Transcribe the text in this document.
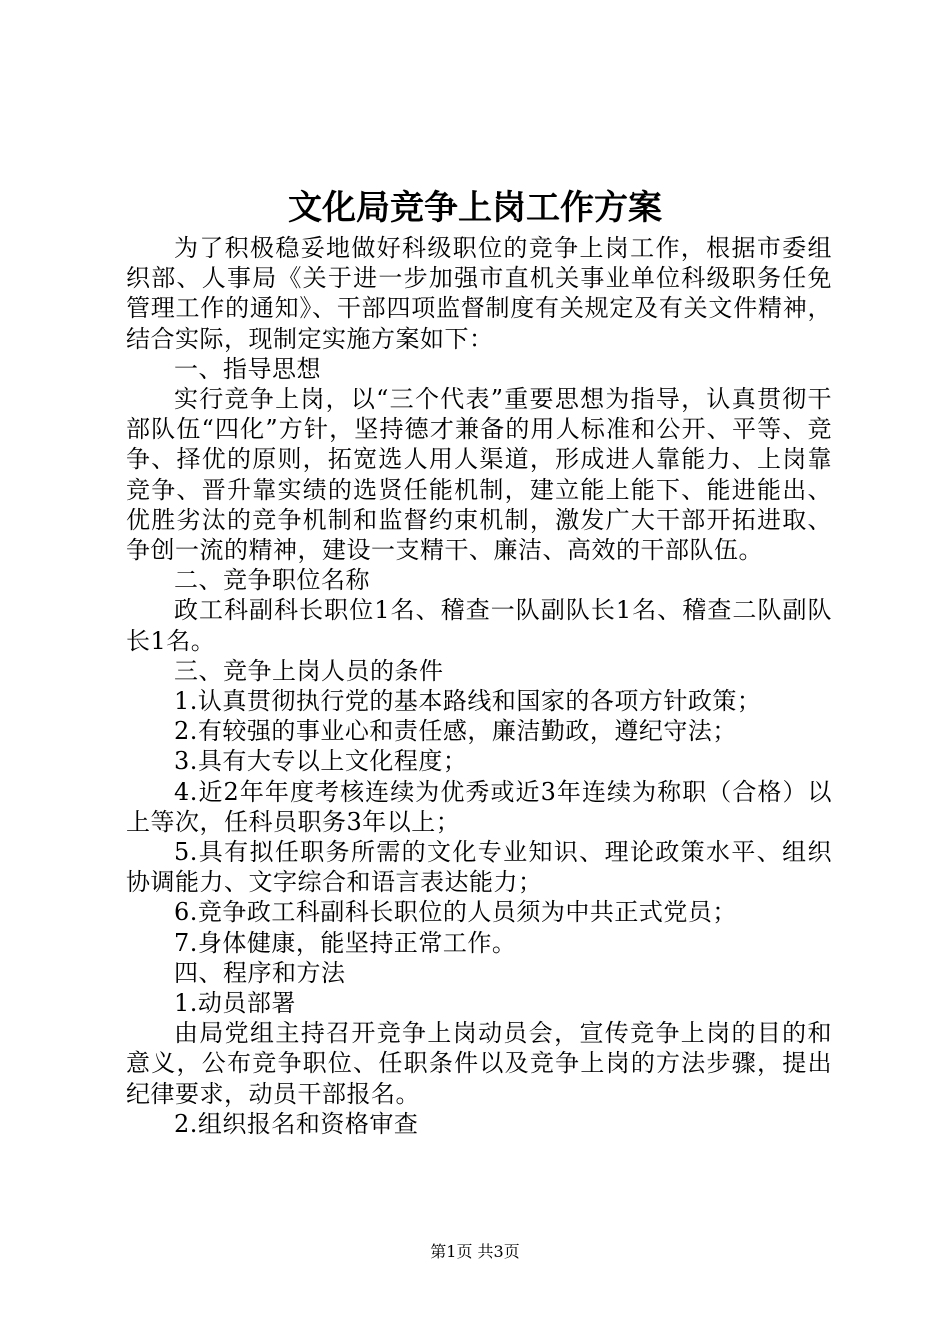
文化局竞争上岗工作方案

为了积极稳妥地做好科级职位的竞争上岗工作，根据市委组织部、人事局《关于进一步加强市直机关事业单位科级职务任免管理工作的通知》、干部四项监督制度有关规定及有关文件精神，结合实际，现制定实施方案如下：

一、指导思想

实行竞争上岗，以“三个代表”重要思想为指导，认真贯彻干部队伍“四化”方针，坚持德才兼备的用人标准和公开、平等、竞争、择优的原则，拓宽选人用人渠道，形成进人靠能力、上岗靠竞争、晋升靠实绩的选贤任能机制，建立能上能下、能进能出、优胜劣汰的竞争机制和监督约束机制，激发广大干部开拓进取、争创一流的精神，建设一支精干、廉洁、高效的干部队伍。

二、竞争职位名称

政工科副科长职位1名、稽查一队副队长1名、稽查二队副队长1名。

三、竞争上岗人员的条件

1.认真贯彻执行党的基本路线和国家的各项方针政策；

2.有较强的事业心和责任感，廉洁勤政，遵纪守法；

3.具有大专以上文化程度；

4.近2年年度考核连续为优秀或近3年连续为称职（合格）以上等次，任科员职务3年以上；

5.具有拟任职务所需的文化专业知识、理论政策水平、组织协调能力、文字综合和语言表达能力；

6.竞争政工科副科长职位的人员须为中共正式党员；

7.身体健康，能坚持正常工作。

四、程序和方法

1.动员部署

由局党组主持召开竞争上岗动员会，宣传竞争上岗的目的和意义，公布竞争职位、任职条件以及竞争上岗的方法步骤，提出纪律要求，动员干部报名。

2.组织报名和资格审查

第1页 共3页
